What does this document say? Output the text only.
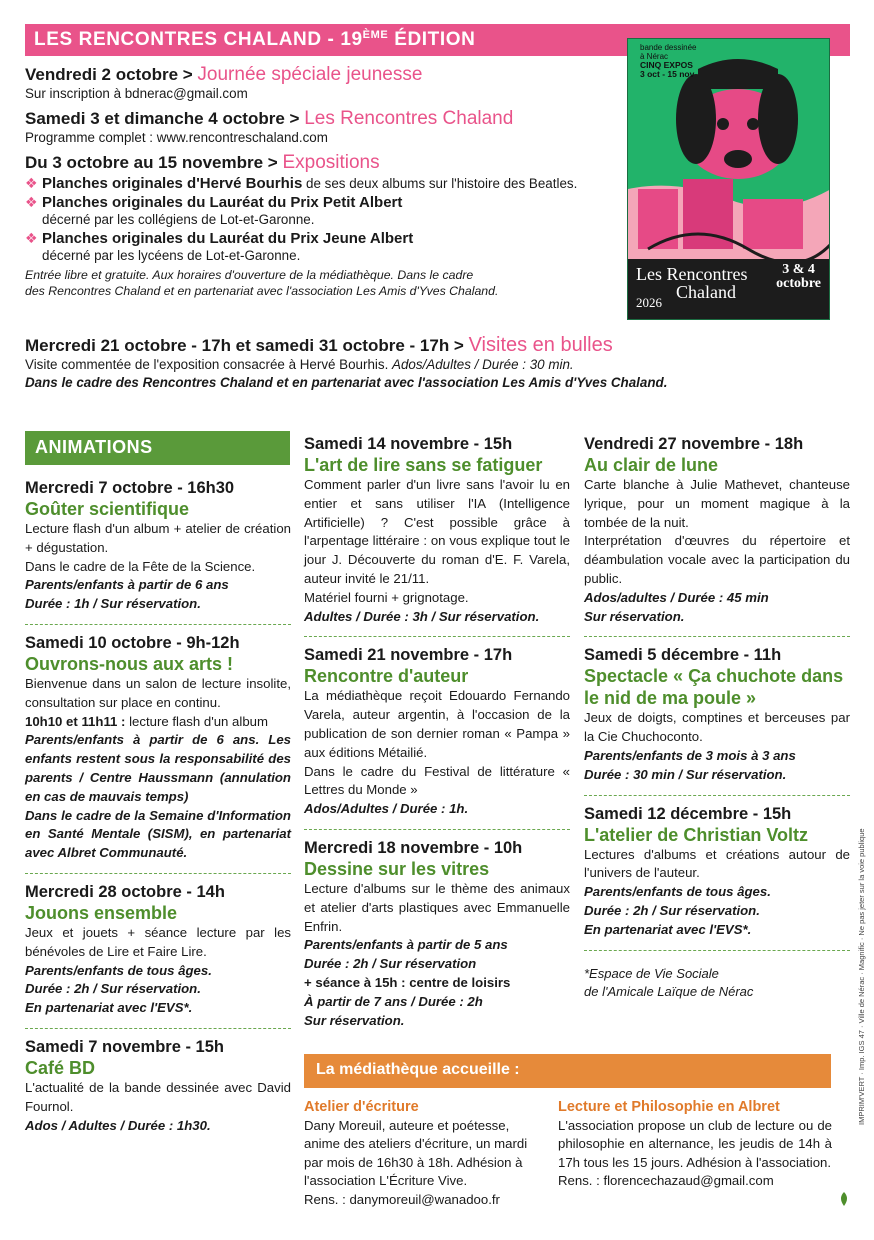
LES RENCONTRES CHALAND - 19ÈME ÉDITION
Vendredi 2 octobre > Journée spéciale jeunesse
Sur inscription à bdnerac@gmail.com
Samedi 3 et dimanche 4 octobre > Les Rencontres Chaland
Programme complet : www.rencontreschaland.com
Du 3 octobre au 15 novembre > Expositions
❖ Planches originales d'Hervé Bourhis de ses deux albums sur l'histoire des Beatles.
❖ Planches originales du Lauréat du Prix Petit Albert
décerné par les collégiens de Lot-et-Garonne.
❖ Planches originales du Lauréat du Prix Jeune Albert
décerné par les lycéens de Lot-et-Garonne.
Entrée libre et gratuite. Aux horaires d'ouverture de la médiathèque. Dans le cadre
des Rencontres Chaland et en partenariat avec l'association Les Amis d'Yves Chaland.
bande dessinée
à Nérac
CINQ EXPOS
3 oct - 15 nov
Les Rencontres
Chaland
2026
3 & 4
octobre
Mercredi 21 octobre - 17h et samedi 31 octobre - 17h > Visites en bulles
Visite commentée de l'exposition consacrée à Hervé Bourhis. Ados/Adultes / Durée : 30 min.
Dans le cadre des Rencontres Chaland et en partenariat avec l'association Les Amis d'Yves Chaland.
ANIMATIONS
Mercredi 7 octobre - 16h30
Goûter scientifique
Lecture flash d'un album + atelier de création + dégustation.
Dans le cadre de la Fête de la Science.
Parents/enfants à partir de 6 ans
Durée : 1h / Sur réservation.
Samedi 10 octobre - 9h-12h
Ouvrons-nous aux arts !
Bienvenue dans un salon de lecture insolite, consultation sur place en continu.
10h10 et 11h11 : lecture flash d'un album
Parents/enfants à partir de 6 ans. Les enfants restent sous la responsabilité des parents / Centre Haussmann (annulation en cas de mauvais temps)
Dans le cadre de la Semaine d'Information en Santé Mentale (SISM), en partenariat avec Albret Communauté.
Mercredi 28 octobre - 14h
Jouons ensemble
Jeux et jouets + séance lecture par les bénévoles de Lire et Faire Lire.
Parents/enfants de tous âges.
Durée : 2h / Sur réservation.
En partenariat avec l'EVS*.
Samedi 7 novembre - 15h
Café BD
L'actualité de la bande dessinée avec David Fournol.
Ados / Adultes / Durée : 1h30.
Samedi 14 novembre - 15h
L'art de lire sans se fatiguer
Comment parler d'un livre sans l'avoir lu en entier et sans utiliser l'IA (Intelligence Artificielle) ? C'est possible grâce à l'arpentage littéraire : on vous explique tout le jour J. Découverte du roman d'E. F. Varela, auteur invité le 21/11.
Matériel fourni + grignotage.
Adultes / Durée : 3h / Sur réservation.
Samedi 21 novembre - 17h
Rencontre d'auteur
La médiathèque reçoit Edouardo Fernando Varela, auteur argentin, à l'occasion de la publication de son dernier roman « Pampa » aux éditions Métailié.
Dans le cadre du Festival de littérature « Lettres du Monde »
Ados/Adultes / Durée : 1h.
Mercredi 18 novembre - 10h
Dessine sur les vitres
Lecture d'albums sur le thème des animaux et atelier d'arts plastiques avec Emmanuelle Enfrin.
Parents/enfants à partir de 5 ans
Durée : 2h / Sur réservation
+ séance à 15h : centre de loisirs
À partir de 7 ans / Durée : 2h
Sur réservation.
Vendredi 27 novembre - 18h
Au clair de lune
Carte blanche à Julie Mathevet, chanteuse lyrique, pour un moment magique à la tombée de la nuit.
Interprétation d'œuvres du répertoire et déambulation vocale avec la participation du public.
Ados/adultes / Durée : 45 min
Sur réservation.
Samedi 5 décembre - 11h
Spectacle « Ça chuchote dans le nid de ma poule »
Jeux de doigts, comptines et berceuses par la Cie Chuchoconto.
Parents/enfants de 3 mois à 3 ans
Durée : 30 min / Sur réservation.
Samedi 12 décembre - 15h
L'atelier de Christian Voltz
Lectures d'albums et créations autour de l'univers de l'auteur.
Parents/enfants de tous âges.
Durée : 2h / Sur réservation.
En partenariat avec l'EVS*.
*Espace de Vie Sociale
de l'Amicale Laïque de Nérac
La médiathèque accueille :
Atelier d'écriture
Dany Moreuil, auteure et poétesse, anime des ateliers d'écriture, un mardi par mois de 16h30 à 18h. Adhésion à l'association L'Écriture Vive.
Rens. : danymoreuil@wanadoo.fr
Lecture et Philosophie en Albret
L'association propose un club de lecture ou de philosophie en alternance, les jeudis de 14h à 17h tous les 15 jours. Adhésion à l'association.
Rens. : florencechazaud@gmail.com
IMPRIM'VERT · Imp. IGS 47 · Ville de Nérac · Magnific · Ne pas jeter sur la voie publique
